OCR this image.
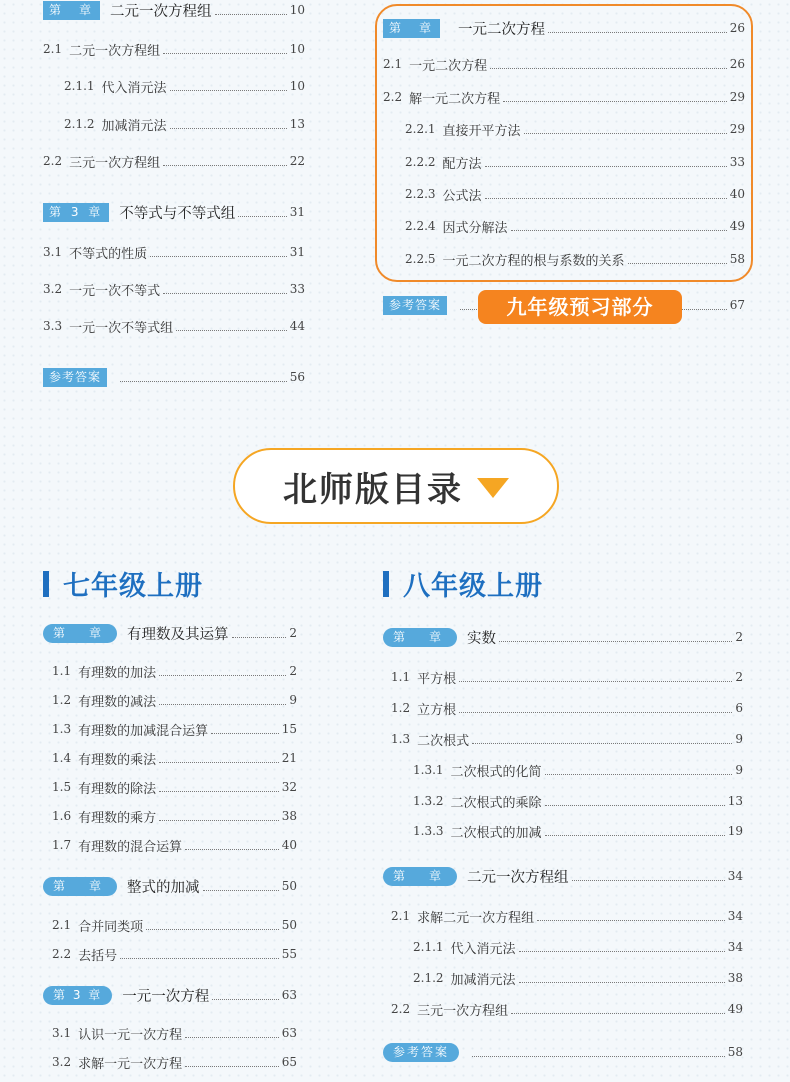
第　章	二元一次方程组	10
2.1 二元一次方程组	10
2.1.1 代入消元法	10
2.1.2 加减消元法	13
2.2 三元一次方程组	22
第 3 章	不等式与不等式组	31
3.1 不等式的性质	31
3.2 一元一次不等式	33
3.3 一元一次不等式组	44
参考答案	56
第　章	一元二次方程	26
2.1 一元二次方程	26
2.2 解一元二次方程	29
2.2.1 直接开平方法	29
2.2.2 配方法	33
2.2.3 公式法	40
2.2.4 因式分解法	49
2.2.5 一元二次方程的根与系数的关系	58
参考答案	67
九年级预习部分
北师版目录
七年级上册
第　章	有理数及其运算	2
1.1 有理数的加法	2
1.2 有理数的减法	9
1.3 有理数的加减混合运算	15
1.4 有理数的乘法	21
1.5 有理数的除法	32
1.6 有理数的乘方	38
1.7 有理数的混合运算	40
第　章	整式的加减	50
2.1 合并同类项	50
2.2 去括号	55
第 3 章	一元一次方程	63
3.1 认识一元一次方程	63
3.2 求解一元一次方程	65
八年级上册
第　章	实数	2
1.1 平方根	2
1.2 立方根	6
1.3 二次根式	9
1.3.1 二次根式的化简	9
1.3.2 二次根式的乘除	13
1.3.3 二次根式的加减	19
第　章	二元一次方程组	34
2.1 求解二元一次方程组	34
2.1.1 代入消元法	34
2.1.2 加减消元法	38
2.2 三元一次方程组	49
参考答案	58
